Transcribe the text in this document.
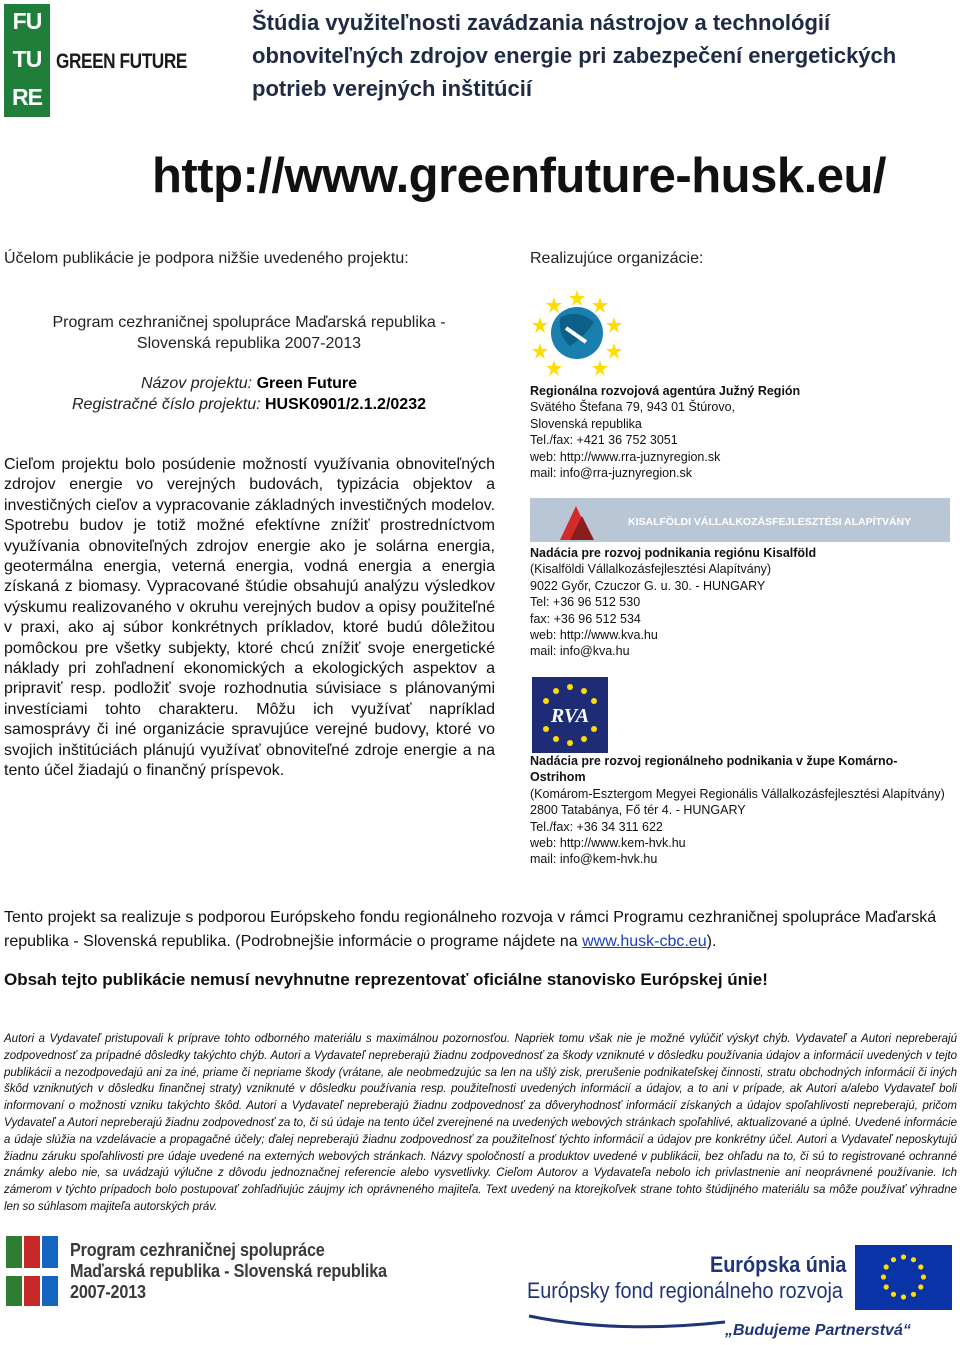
FU
TU
RE
GREEN FUTURE
Štúdia využiteľnosti zavádzania nástrojov a technológií obnoviteľných zdrojov energie pri zabezpečení energetických potrieb verejných inštitúcií
http://www.greenfuture-husk.eu/
Účelom publikácie je podpora nižšie uvedeného projektu:	Realizujúce organizácie:
Program cezhraničnej spolupráce Maďarská republika -
Slovenská republika 2007-2013
Názov projektu: Green Future
Registračné číslo projektu: HUSK0901/2.1.2/0232
Cieľom projektu bolo posúdenie možností využívania obnoviteľných zdrojov energie vo verejných budovách, typizácia objektov a investičných cieľov a vypracovanie základných investičných modelov. Spotrebu budov je totiž možné efektívne znížiť prostredníctvom využívania obnoviteľných zdrojov energie ako je solárna energia, geotermálna energia, veterná energia, vodná energia a energia získaná z biomasy. Vypracované štúdie obsahujú analýzu výsledkov výskumu realizovaného v okruhu verejných budov a opisy použiteľné v praxi, ako aj súbor konkrétnych príkladov, ktoré budú dôležitou pomôckou pre všetky subjekty, ktoré chcú znížiť svoje energetické náklady pri zohľadnení ekonomických a ekologických aspektov a pripraviť resp. podložiť svoje rozhodnutia súvisiace s plánovanými investíciami tohto charakteru. Môžu ich využívať napríklad samosprávy či iné organizácie spravujúce verejné budovy, ktoré vo svojich inštitúciách plánujú využívať obnoviteľné zdroje energie a na tento účel žiadajú o finančný príspevok.
Regionálna rozvojová agentúra Južný Región
Svätého Štefana 79, 943 01 Štúrovo,
Slovenská republika
Tel./fax: +421 36 752 3051
web: http://www.rra-juznyregion.sk
mail: info@rra-juznyregion.sk
KISALFÖLDI VÁLLALKOZÁSFEJLESZTÉSI ALAPÍTVÁNY
Nadácia pre rozvoj podnikania regiónu Kisalföld
(Kisalföldi Vállalkozásfejlesztési Alapítvány)
9022 Győr, Czuczor G. u. 30. - HUNGARY
Tel: +36 96 512 530
fax: +36 96 512 534
web: http://www.kva.hu
mail: info@kva.hu
RVA
Nadácia pre rozvoj regionálneho podnikania v župe Komárno-Ostrihom
(Komárom-Esztergom Megyei Regionális Vállalkozásfejlesztési Alapítvány)
2800 Tatabánya, Fő tér 4. - HUNGARY
Tel./fax: +36 34 311 622
web: http://www.kem-hvk.hu
mail: info@kem-hvk.hu
Tento projekt sa realizuje s podporou Európskeho fondu regionálneho rozvoja v rámci Programu cezhraničnej spolupráce Maďarská republika - Slovenská republika. (Podrobnejšie informácie o programe nájdete na www.husk-cbc.eu).
Obsah tejto publikácie nemusí nevyhnutne reprezentovať oficiálne stanovisko Európskej únie!
Autori a Vydavateľ pristupovali k príprave tohto odborného materiálu s maximálnou pozornosťou. Napriek tomu však nie je možné vylúčiť výskyt chýb. Vydavateľ a Autori nepreberajú zodpovednosť za prípadné dôsledky takýchto chýb. Autori a Vydavateľ nepreberajú žiadnu zodpovednosť za škody vzniknuté v dôsledku používania údajov a informácií uvedených v tejto publikácii a nezodpovedajú ani za iné, priame či nepriame škody (vrátane, ale neobmedzujúc sa len na ušlý zisk, prerušenie podnikateľskej činnosti, stratu obchodných informácií či iných škôd vzniknutých v dôsledku finančnej straty) vzniknuté v dôsledku používania resp. použiteľnosti uvedených informácií a údajov, a to ani v prípade, ak Autori a/alebo Vydavateľ boli informovaní o možnosti vzniku takýchto škôd. Autori a Vydavateľ nepreberajú žiadnu zodpovednosť za dôveryhodnosť informácií získaných a údajov spoľahlivosti nepreberajú, pričom Vydavateľ a Autori nepreberajú žiadnu zodpovednosť za to, či sú údaje na tento účel zverejnené na uvedených webových stránkach spoľahlivé, aktualizované a úplné. Uvedené informácie a údaje slúžia na vzdelávacie a propagačné účely; ďalej nepreberajú žiadnu zodpovednosť za použiteľnosť týchto informácií a údajov pre konkrétny účel. Autori a Vydavateľ neposkytujú žiadnu záruku spoľahlivosti pre údaje uvedené na externých webových stránkach. Názvy spoločností a produktov uvedené v publikácii, bez ohľadu na to, či sú to registrované ochranné známky alebo nie, sa uvádzajú výlučne z dôvodu jednoznačnej referencie alebo vysvetlivky. Cieľom Autorov a Vydavateľa nebolo ich privlastnenie ani neoprávnené používanie. Ich zámerom v týchto prípadoch bolo postupovať zohľadňujúc záujmy ich oprávneného majiteľa. Text uvedený na ktorejkoľvek strane tohto štúdijného materiálu sa môže používať výhradne len so súhlasom majiteľa autorských práv.
Program cezhraničnej spolupráce
Maďarská republika - Slovenská republika
2007-2013
Európska únia
Európsky fond regionálneho rozvoja
„Budujeme Partnerstvá“
